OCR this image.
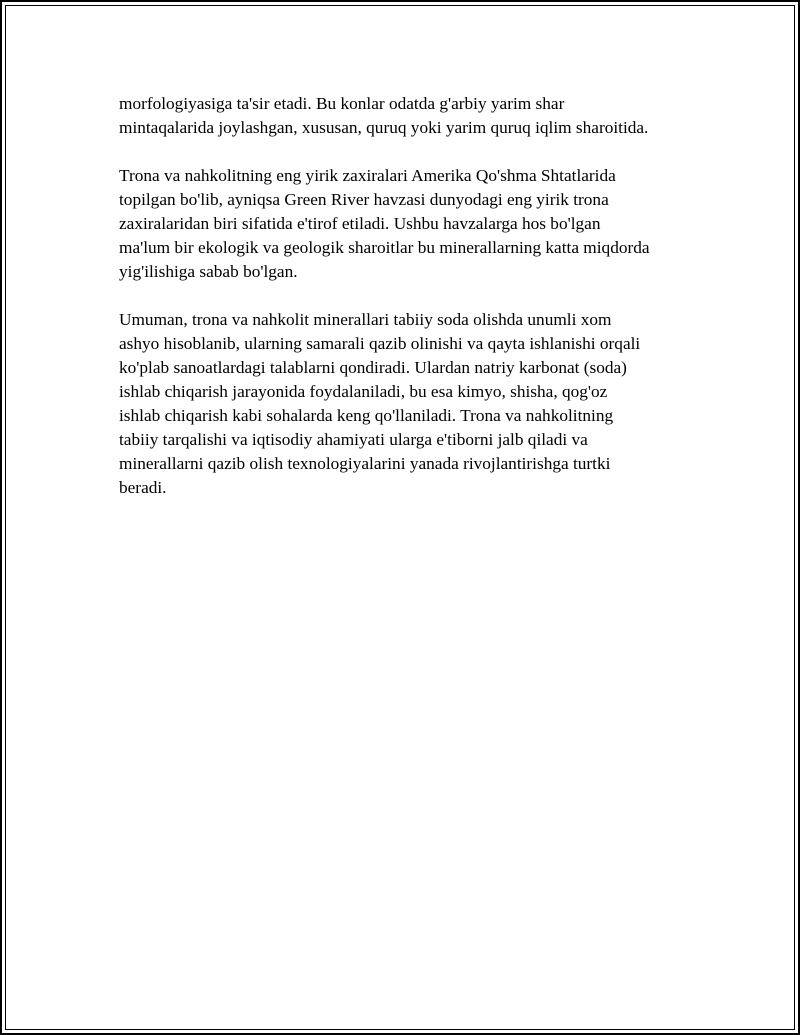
morfologiyasiga ta'sir etadi. Bu konlar odatda g'arbiy yarim shar
mintaqalarida joylashgan, xususan, quruq yoki yarim quruq iqlim sharoitida.

Trona va nahkolitning eng yirik zaxiralari Amerika Qo'shma Shtatlarida
topilgan bo'lib, ayniqsa Green River havzasi dunyodagi eng yirik trona
zaxiralaridan biri sifatida e'tirof etiladi. Ushbu havzalarga hos bo'lgan
ma'lum bir ekologik va geologik sharoitlar bu minerallarning katta miqdorda
yig'ilishiga sabab bo'lgan.

Umuman, trona va nahkolit minerallari tabiiy soda olishda unumli xom
ashyo hisoblanib, ularning samarali qazib olinishi va qayta ishlanishi orqali
ko'plab sanoatlardagi talablarni qondiradi. Ulardan natriy karbonat (soda)
ishlab chiqarish jarayonida foydalaniladi, bu esa kimyo, shisha, qog'oz
ishlab chiqarish kabi sohalarda keng qo'llaniladi. Trona va nahkolitning
tabiiy tarqalishi va iqtisodiy ahamiyati ularga e'tiborni jalb qiladi va
minerallarni qazib olish texnologiyalarini yanada rivojlantirishga turtki
beradi.
